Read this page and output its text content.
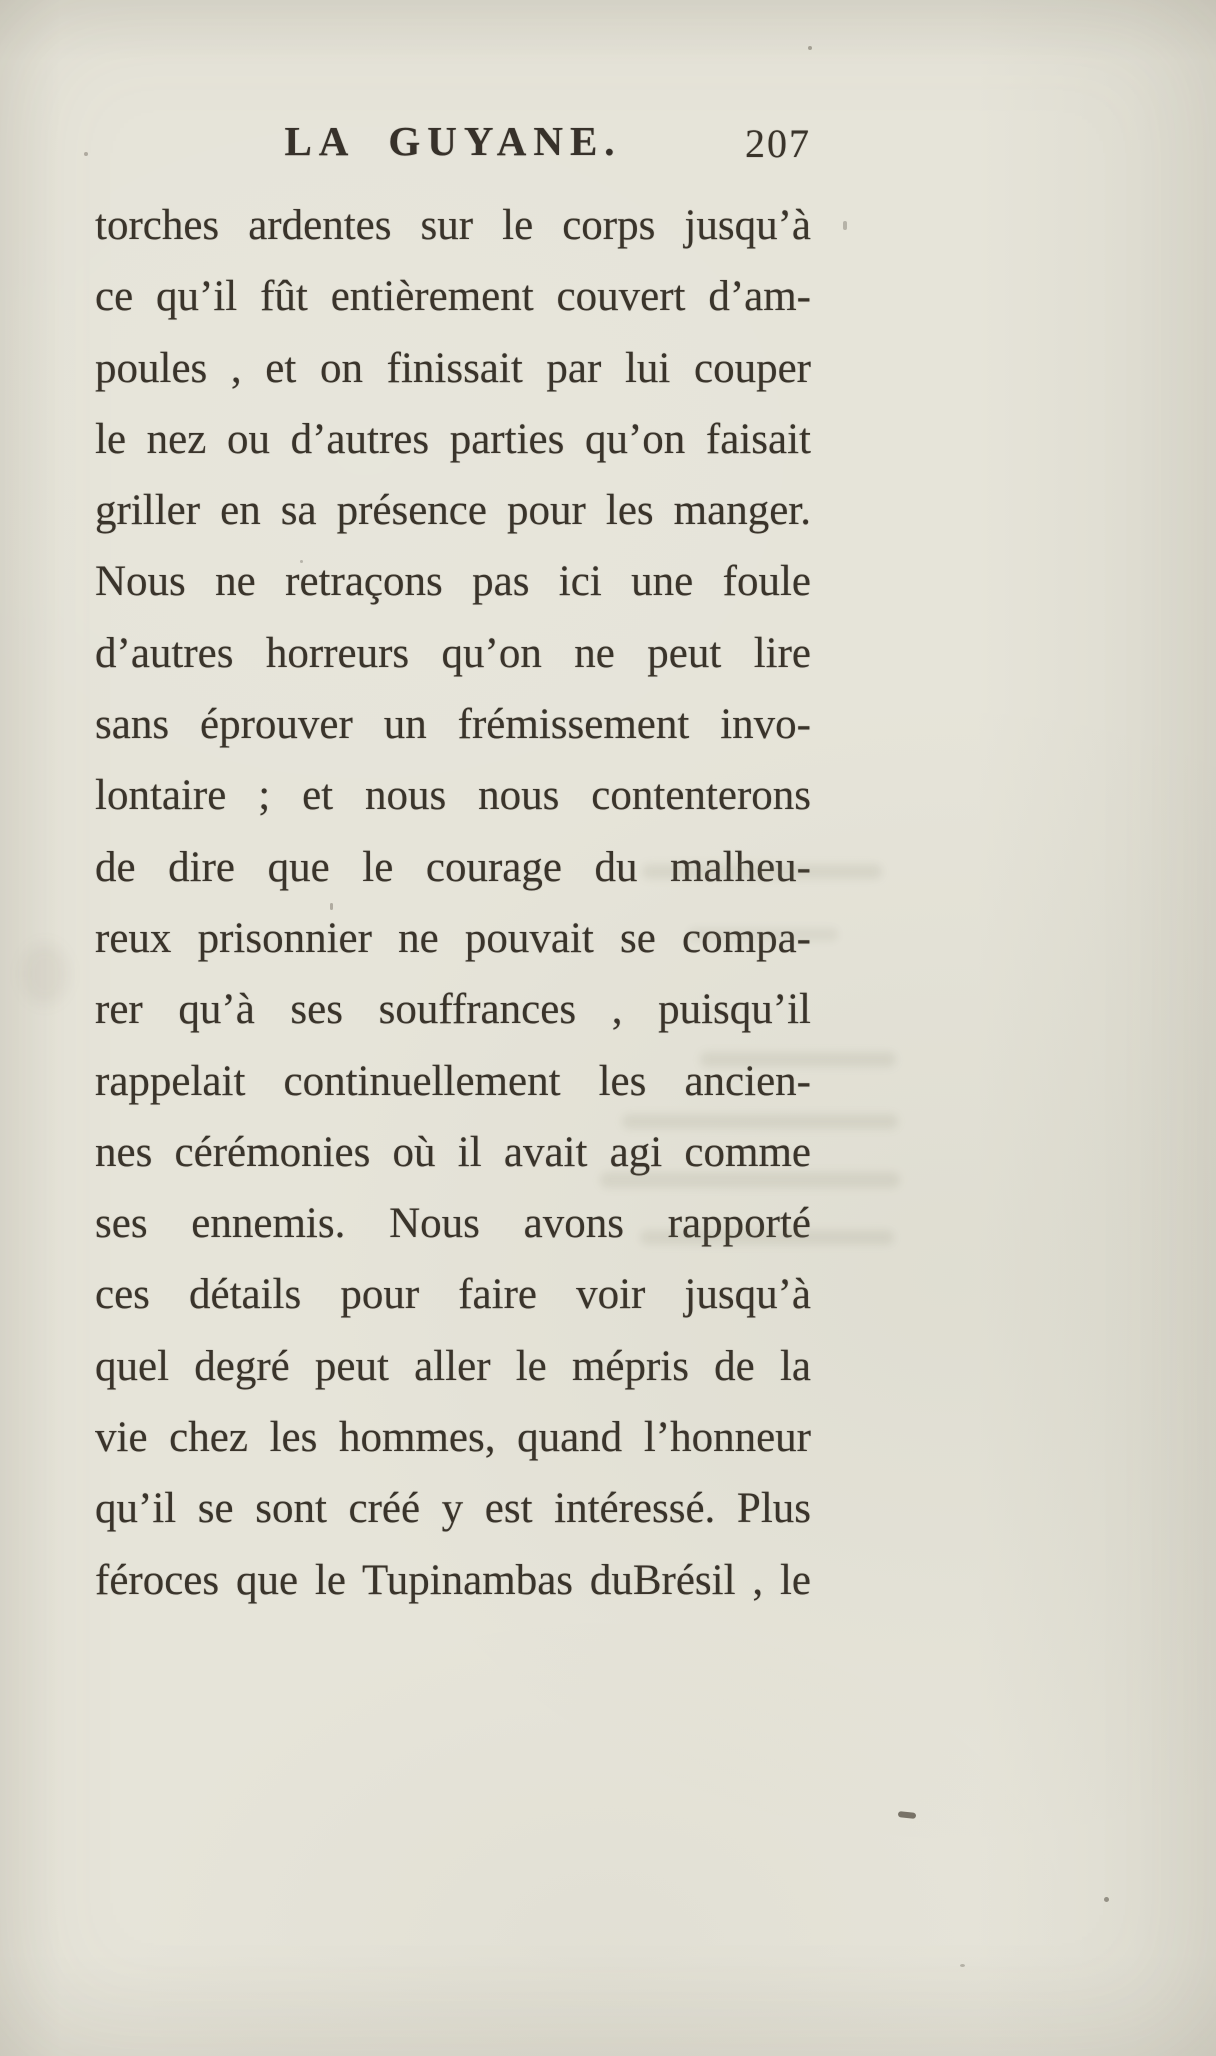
LA GUYANE.	207
torches ardentes sur le corps jusqu’à
ce qu’il fût entièrement couvert d’am-
poules , et on finissait par lui couper
le nez ou d’autres parties qu’on faisait
griller en sa présence pour les manger.
Nous ne retraçons pas ici une foule
d’autres horreurs qu’on ne peut lire
sans éprouver un frémissement invo-
lontaire ; et nous nous contenterons
de dire que le courage du malheu-
reux prisonnier ne pouvait se compa-
rer qu’à ses souffrances , puisqu’il
rappelait continuellement les ancien-
nes cérémonies où il avait agi comme
ses ennemis. Nous avons rapporté
ces détails pour faire voir jusqu’à
quel degré peut aller le mépris de la
vie chez les hommes, quand l’honneur
qu’il se sont créé y est intéressé. Plus
féroces que le Tupinambas duBrésil , le
